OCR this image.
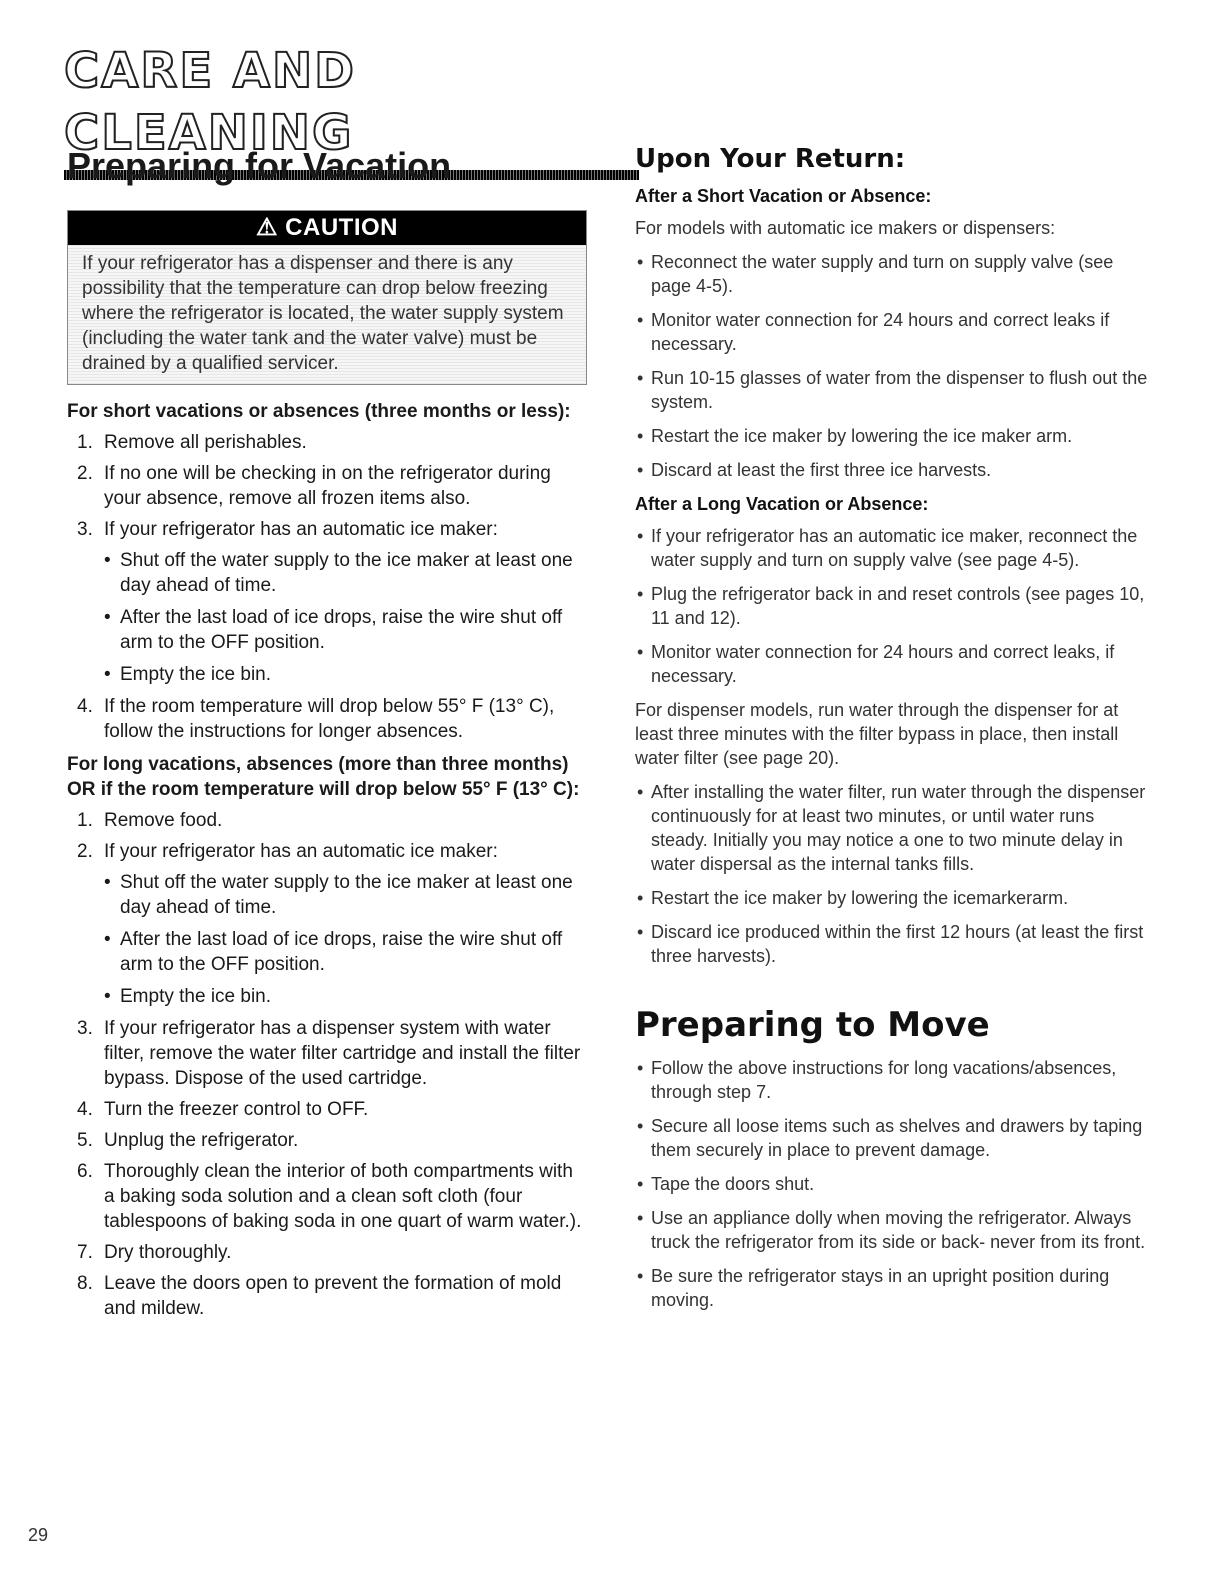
CARE AND CLEANING
Preparing for Vacation
⚠ CAUTION
If your refrigerator has a dispenser and there is any possibility that the temperature can drop below freezing where the refrigerator is located, the water supply system (including the water tank and the water valve) must be drained by a qualified servicer.

For short vacations or absences (three months or less):

1. Remove all perishables.
2. If no one will be checking in on the refrigerator during your absence, remove all frozen items also.
3. If your refrigerator has an automatic ice maker:
• Shut off the water supply to the ice maker at least one day ahead of time.
• After the last load of ice drops, raise the wire shut off arm to the OFF position.
• Empty the ice bin.
4. If the room temperature will drop below 55° F (13° C), follow the instructions for longer absences.

For long vacations, absences (more than three months) OR if the room temperature will drop below 55° F (13° C):

1. Remove food.
2. If your refrigerator has an automatic ice maker:
• Shut off the water supply to the ice maker at least one day ahead of time.
• After the last load of ice drops, raise the wire shut off arm to the OFF position.
• Empty the ice bin.
3. If your refrigerator has a dispenser system with water filter, remove the water filter cartridge and install the filter bypass. Dispose of the used cartridge.
4. Turn the freezer control to OFF.
5. Unplug the refrigerator.
6. Thoroughly clean the interior of both compartments with a baking soda solution and a clean soft cloth (four tablespoons of baking soda in one quart of warm water.).
7. Dry thoroughly.
8. Leave the doors open to prevent the formation of mold and mildew.
Upon Your Return:

After a Short Vacation or Absence:

For models with automatic ice makers or dispensers:

• Reconnect the water supply and turn on supply valve (see page 4-5).
• Monitor water connection for 24 hours and correct leaks if necessary.
• Run 10-15 glasses of water from the dispenser to flush out the system.
• Restart the ice maker by lowering the ice maker arm.
• Discard at least the first three ice harvests.

After a Long Vacation or Absence:

• If your refrigerator has an automatic ice maker, reconnect the water supply and turn on supply valve (see page 4-5).
• Plug the refrigerator back in and reset controls (see pages 10, 11 and 12).
• Monitor water connection for 24 hours and correct leaks, if necessary.

For dispenser models, run water through the dispenser for at least three minutes with the filter bypass in place, then install water filter (see page 20).

• After installing the water filter, run water through the dispenser continuously for at least two minutes, or until water runs steady. Initially you may notice a one to two minute delay in water dispersal as the internal tanks fills.
• Restart the ice maker by lowering the icemarkerarm.
• Discard ice produced within the first 12 hours (at least the first three harvests).
Preparing to Move
• Follow the above instructions for long vacations/absences, through step 7.
• Secure all loose items such as shelves and drawers by taping them securely in place to prevent damage.
• Tape the doors shut.
• Use an appliance dolly when moving the refrigerator. Always truck the refrigerator from its side or back- never from its front.
• Be sure the refrigerator stays in an upright position during moving.
29
